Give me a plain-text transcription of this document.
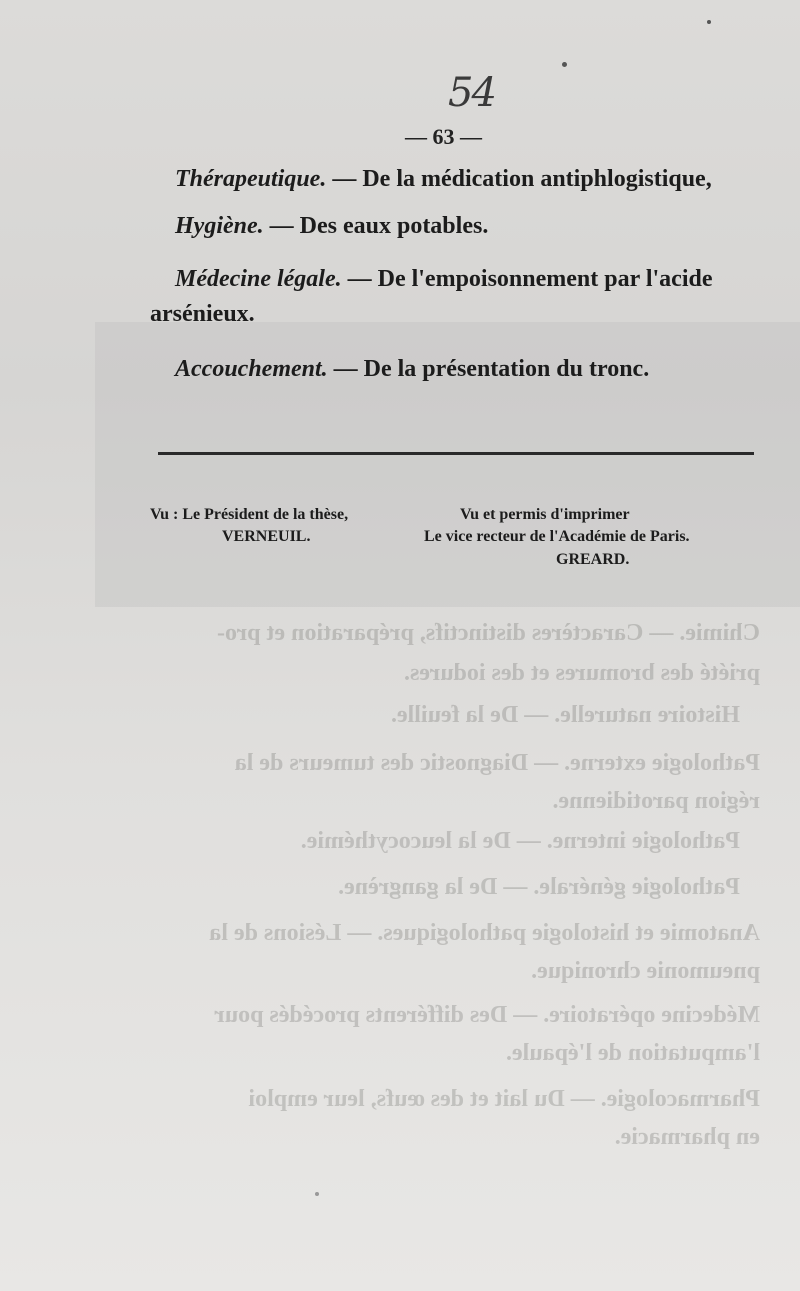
Chimie. — Caractères distinctifs, préparation et pro-
priété des bromures et des iodures.
Histoire naturelle. — De la feuille.
Pathologie externe. — Diagnostic des tumeurs de la
région parotidienne.
Pathologie interne. — De la leucocythémie.
Pathologie générale. — De la gangrène.
Anatomie et histologie pathologiques. — Lésions de la
pneumonie chronique.
Médecine opératoire. — Des différents procédés pour
l'amputation de l'épaule.
Pharmacologie. — Du lait et des œufs, leur emploi
en pharmacie.
54
— 63 —
Thérapeutique. — De la médication antiphlogistique,
Hygiène. — Des eaux potables.
Médecine légale. — De l'empoisonnement par l'acide
arsénieux.
Accouchement. — De la présentation du tronc.
Vu : Le Président de la thèse,
VERNEUIL.
Vu et permis d'imprimer
Le vice recteur de l'Académie de Paris.
GREARD.
